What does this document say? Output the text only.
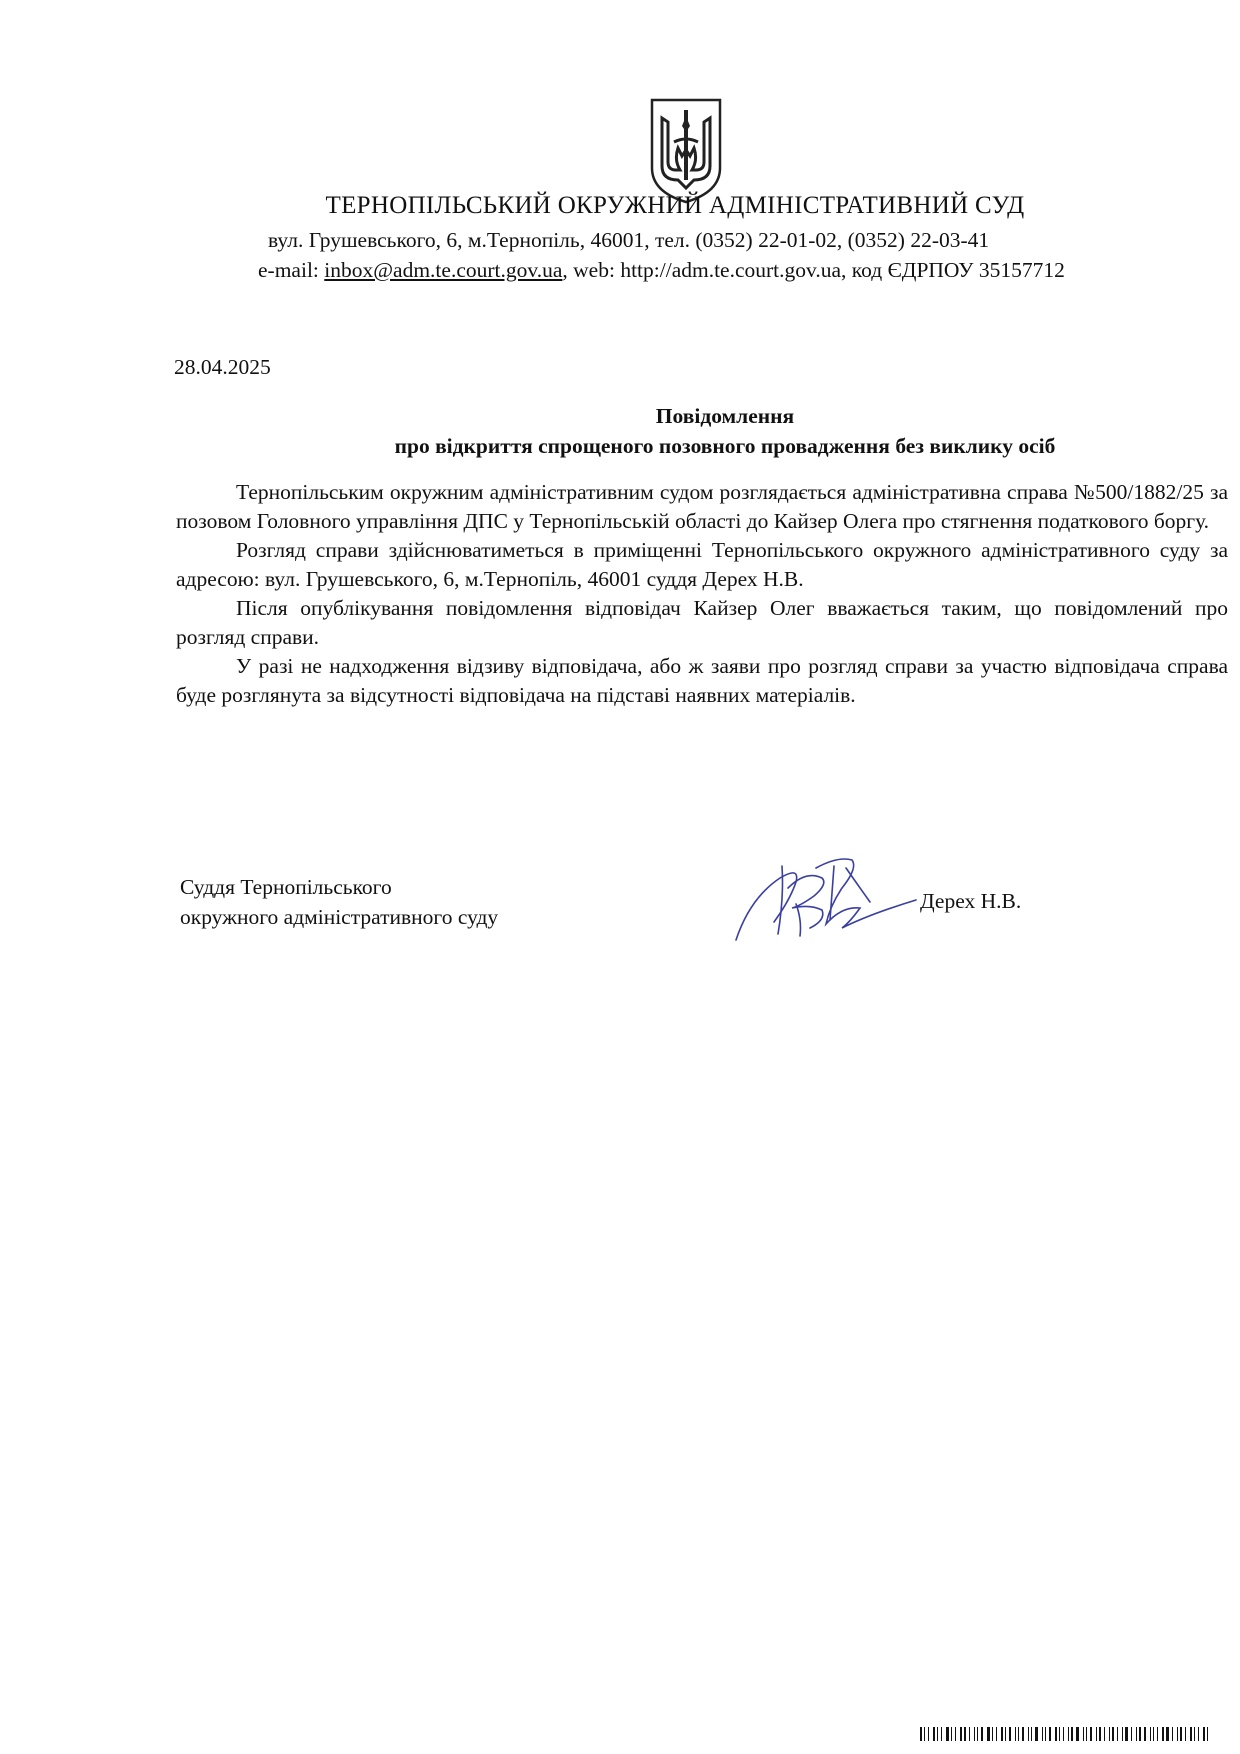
ТЕРНОПІЛЬСЬКИЙ ОКРУЖНИЙ АДМІНІСТРАТИВНИЙ СУД
вул. Грушевського, 6, м.Тернопіль, 46001, тел. (0352) 22-01-02, (0352) 22-03-41
e-mail: inbox@adm.te.court.gov.ua, web: http://adm.te.court.gov.ua, код ЄДРПОУ 35157712
28.04.2025
Повідомлення
про відкриття спрощеного позовного провадження без виклику осіб

Тернопільським окружним адміністративним судом розглядається адміністративна справа №500/1882/25 за позовом Головного управління ДПС у Тернопільській області до Кайзер Олега про стягнення податкового боргу.

Розгляд справи здійснюватиметься в приміщенні Тернопільського окружного адміністративного суду за адресою: вул. Грушевського, 6, м.Тернопіль, 46001 суддя Дерех Н.В.

Після опублікування повідомлення відповідач Кайзер Олег вважається таким, що повідомлений про розгляд справи.

У разі не надходження відзиву відповідача, або ж заяви про розгляд справи за участю відповідача справа буде розглянута за відсутності відповідача на підставі наявних матеріалів.

Суддя Тернопільського
окружного адміністративного суду
Дерех Н.В.
